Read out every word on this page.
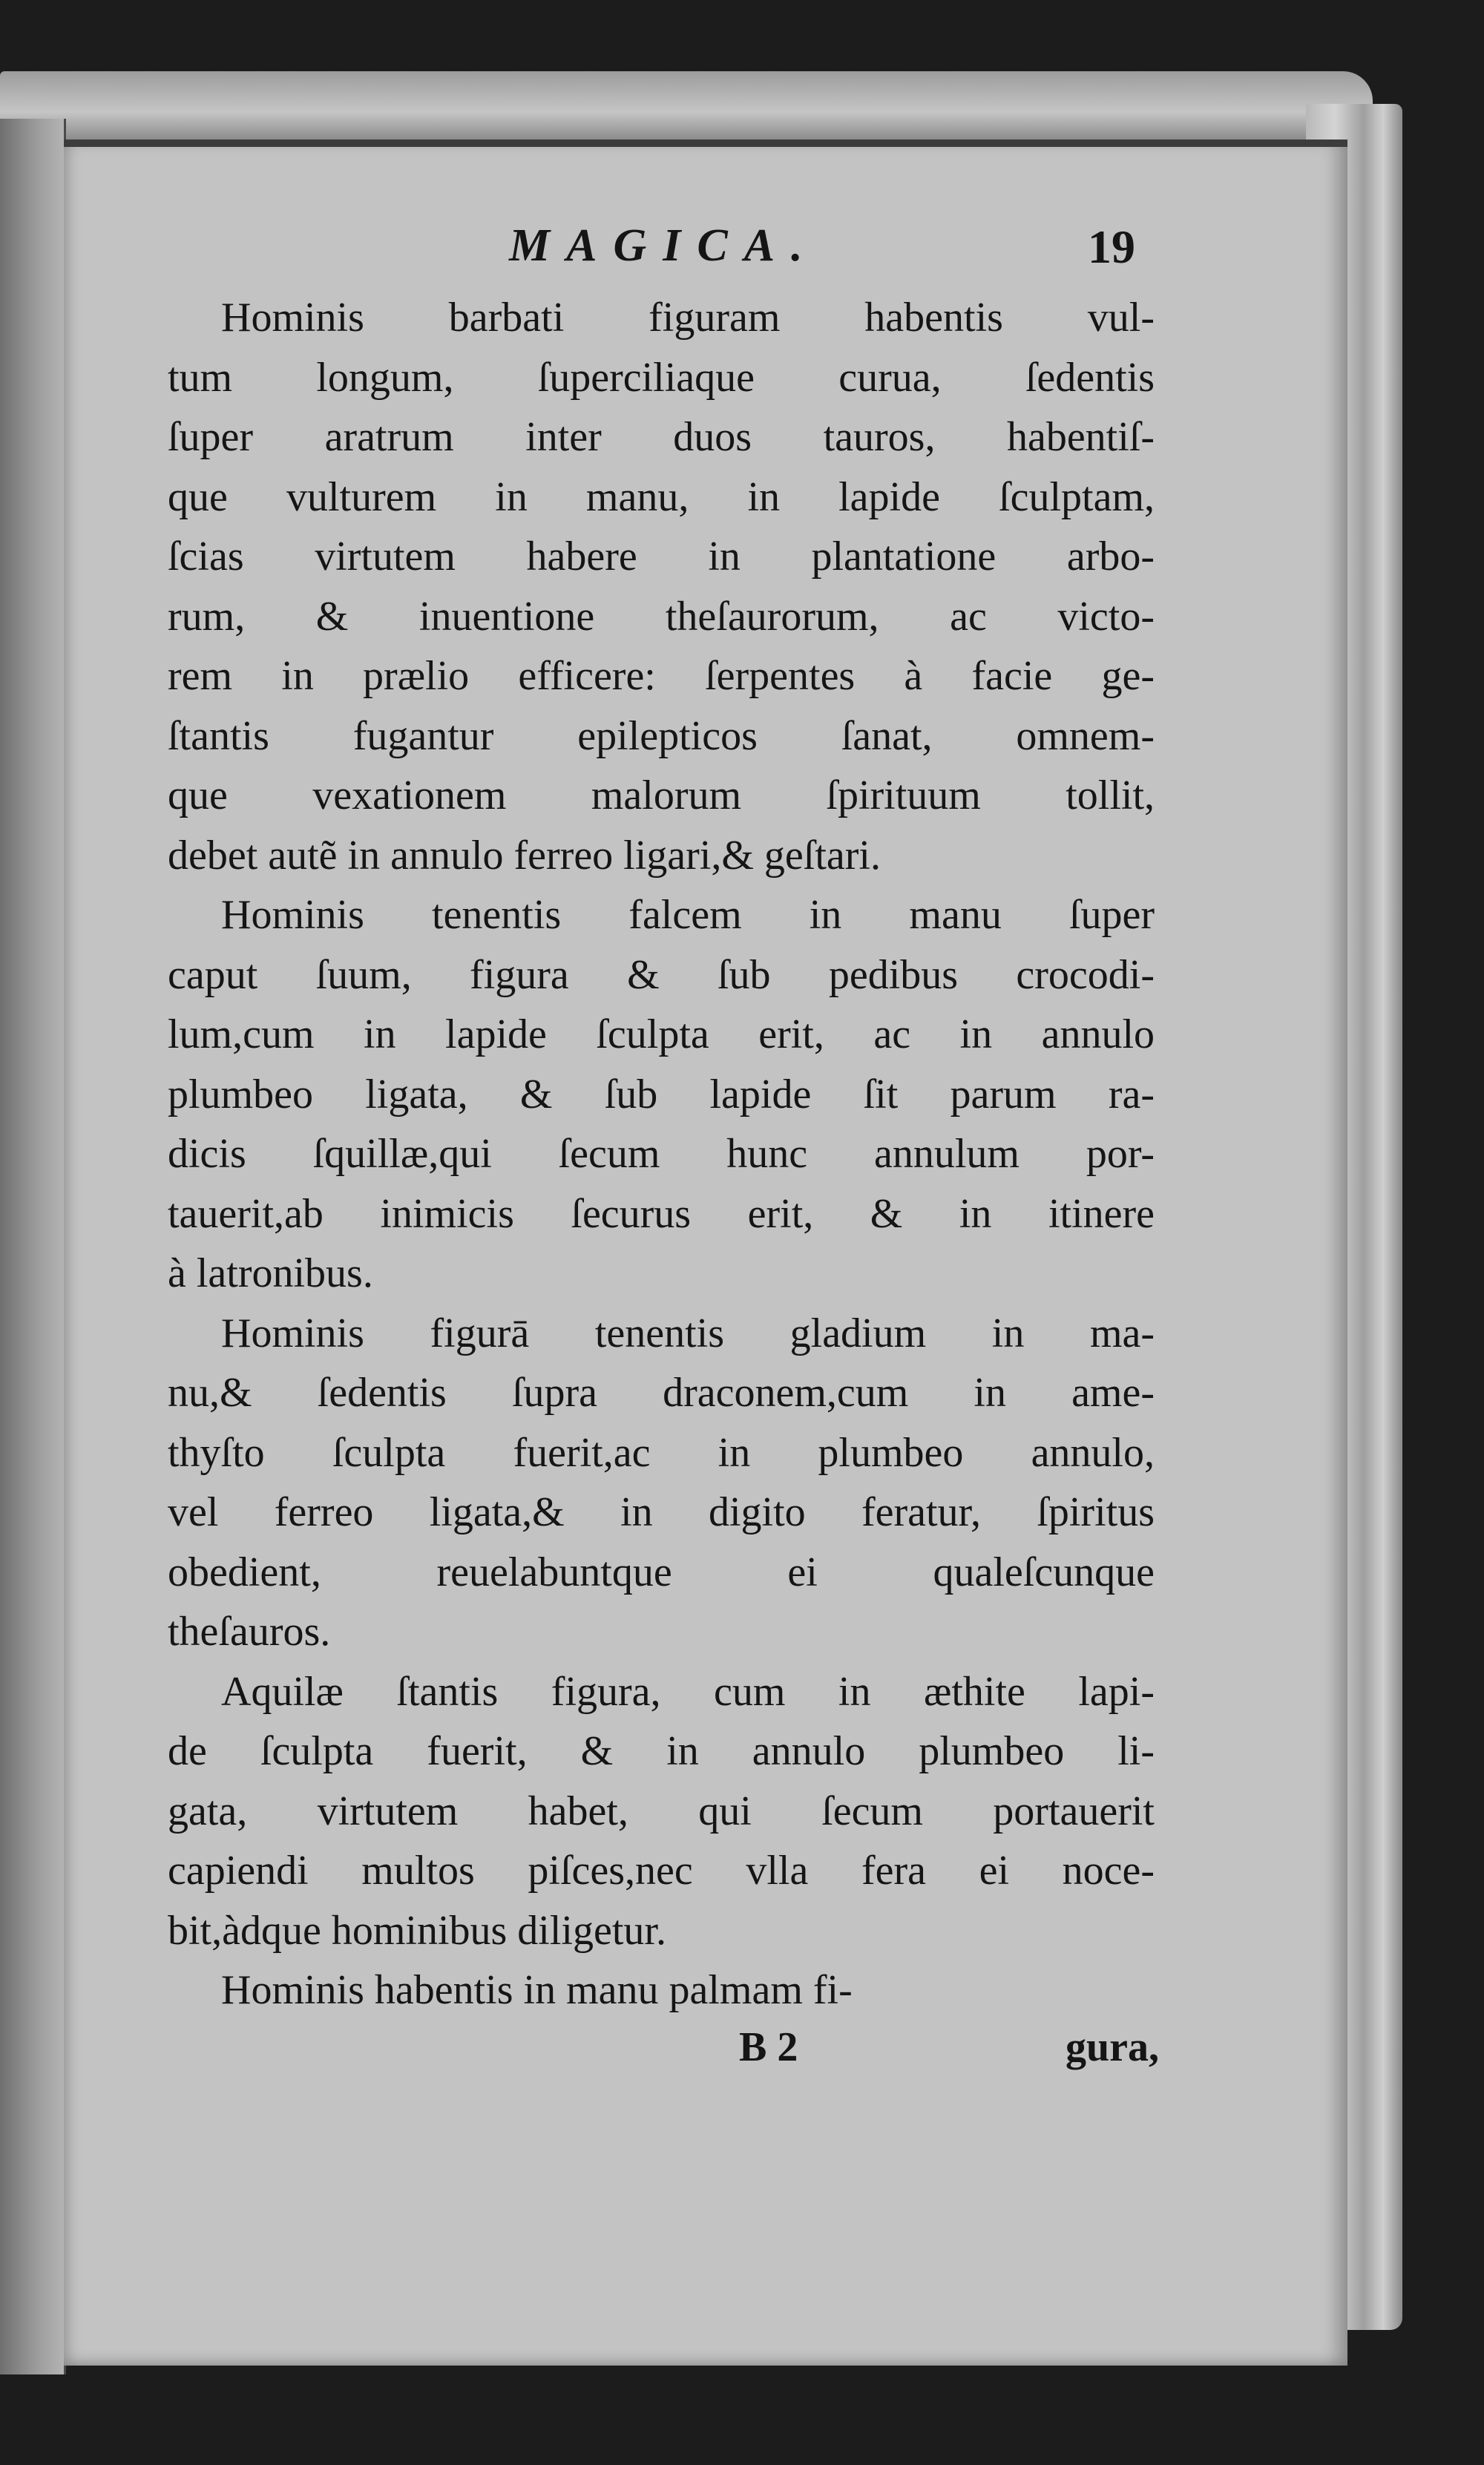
MAGICA.	19
Hominis barbati figuram habentis vul-
tum longum, ſuperciliaque curua, ſedentis
ſuper aratrum inter duos tauros, habentiſ-
que vulturem in manu, in lapide ſculptam,
ſcias virtutem habere in plantatione arbo-
rum, & inuentione theſaurorum, ac victo-
rem in prælio efficere: ſerpentes à facie ge-
ſtantis fugantur epilepticos ſanat, omnem-
que vexationem malorum ſpirituum tollit,
debet autẽ in annulo ferreo ligari,& geſtari.
Hominis tenentis falcem in manu ſuper
caput ſuum, figura & ſub pedibus crocodi-
lum,cum in lapide ſculpta erit, ac in annulo
plumbeo ligata, & ſub lapide ſit parum ra-
dicis ſquillæ,qui ſecum hunc annulum por-
tauerit,ab inimicis ſecurus erit, & in itinere
à latronibus.
Hominis figurā tenentis gladium in ma-
nu,& ſedentis ſupra draconem,cum in ame-
thyſto ſculpta fuerit,ac in plumbeo annulo,
vel ferreo ligata,& in digito feratur, ſpiritus
obedient, reuelabuntque ei qualeſcunque
theſauros.
Aquilæ ſtantis figura, cum in æthite lapi-
de ſculpta fuerit, & in annulo plumbeo li-
gata, virtutem habet, qui ſecum portauerit
capiendi multos piſces,nec vlla fera ei noce-
bit,àdque hominibus diligetur.
Hominis habentis in manu palmam fi-
B 2	gura,
